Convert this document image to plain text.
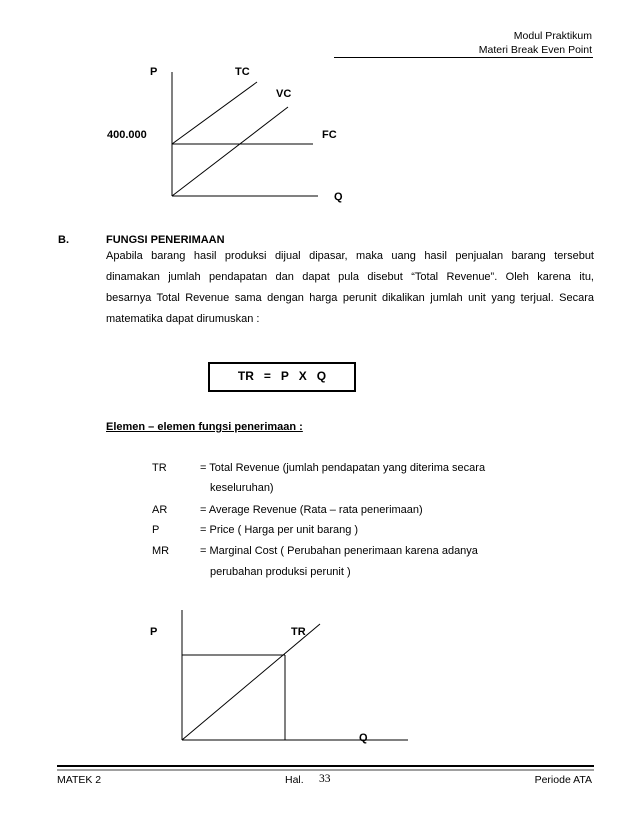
Modul Praktikum
Materi Break Even Point
P	TC
VC
400.000	FC
Q
B.	FUNGSI PENERIMAAN
Apabila barang hasil produksi dijual dipasar, maka uang hasil penjualan barang tersebut
dinamakan jumlah pendapatan dan dapat pula disebut “Total Revenue”. Oleh karena itu,
besarnya Total Revenue sama dengan harga perunit dikalikan jumlah unit yang terjual. Secara
matematika dapat dirumuskan :
TR   =   P   X   Q
Elemen – elemen fungsi penerimaan :
TR	= Total Revenue (jumlah pendapatan yang diterima secara
keseluruhan)
AR	= Average Revenue (Rata – rata penerimaan)
P	= Price ( Harga per unit barang )
MR	= Marginal Cost ( Perubahan penerimaan karena adanya
perubahan produksi perunit )
P	TR
Q
MATEK 2	Hal. 33	Periode ATA
